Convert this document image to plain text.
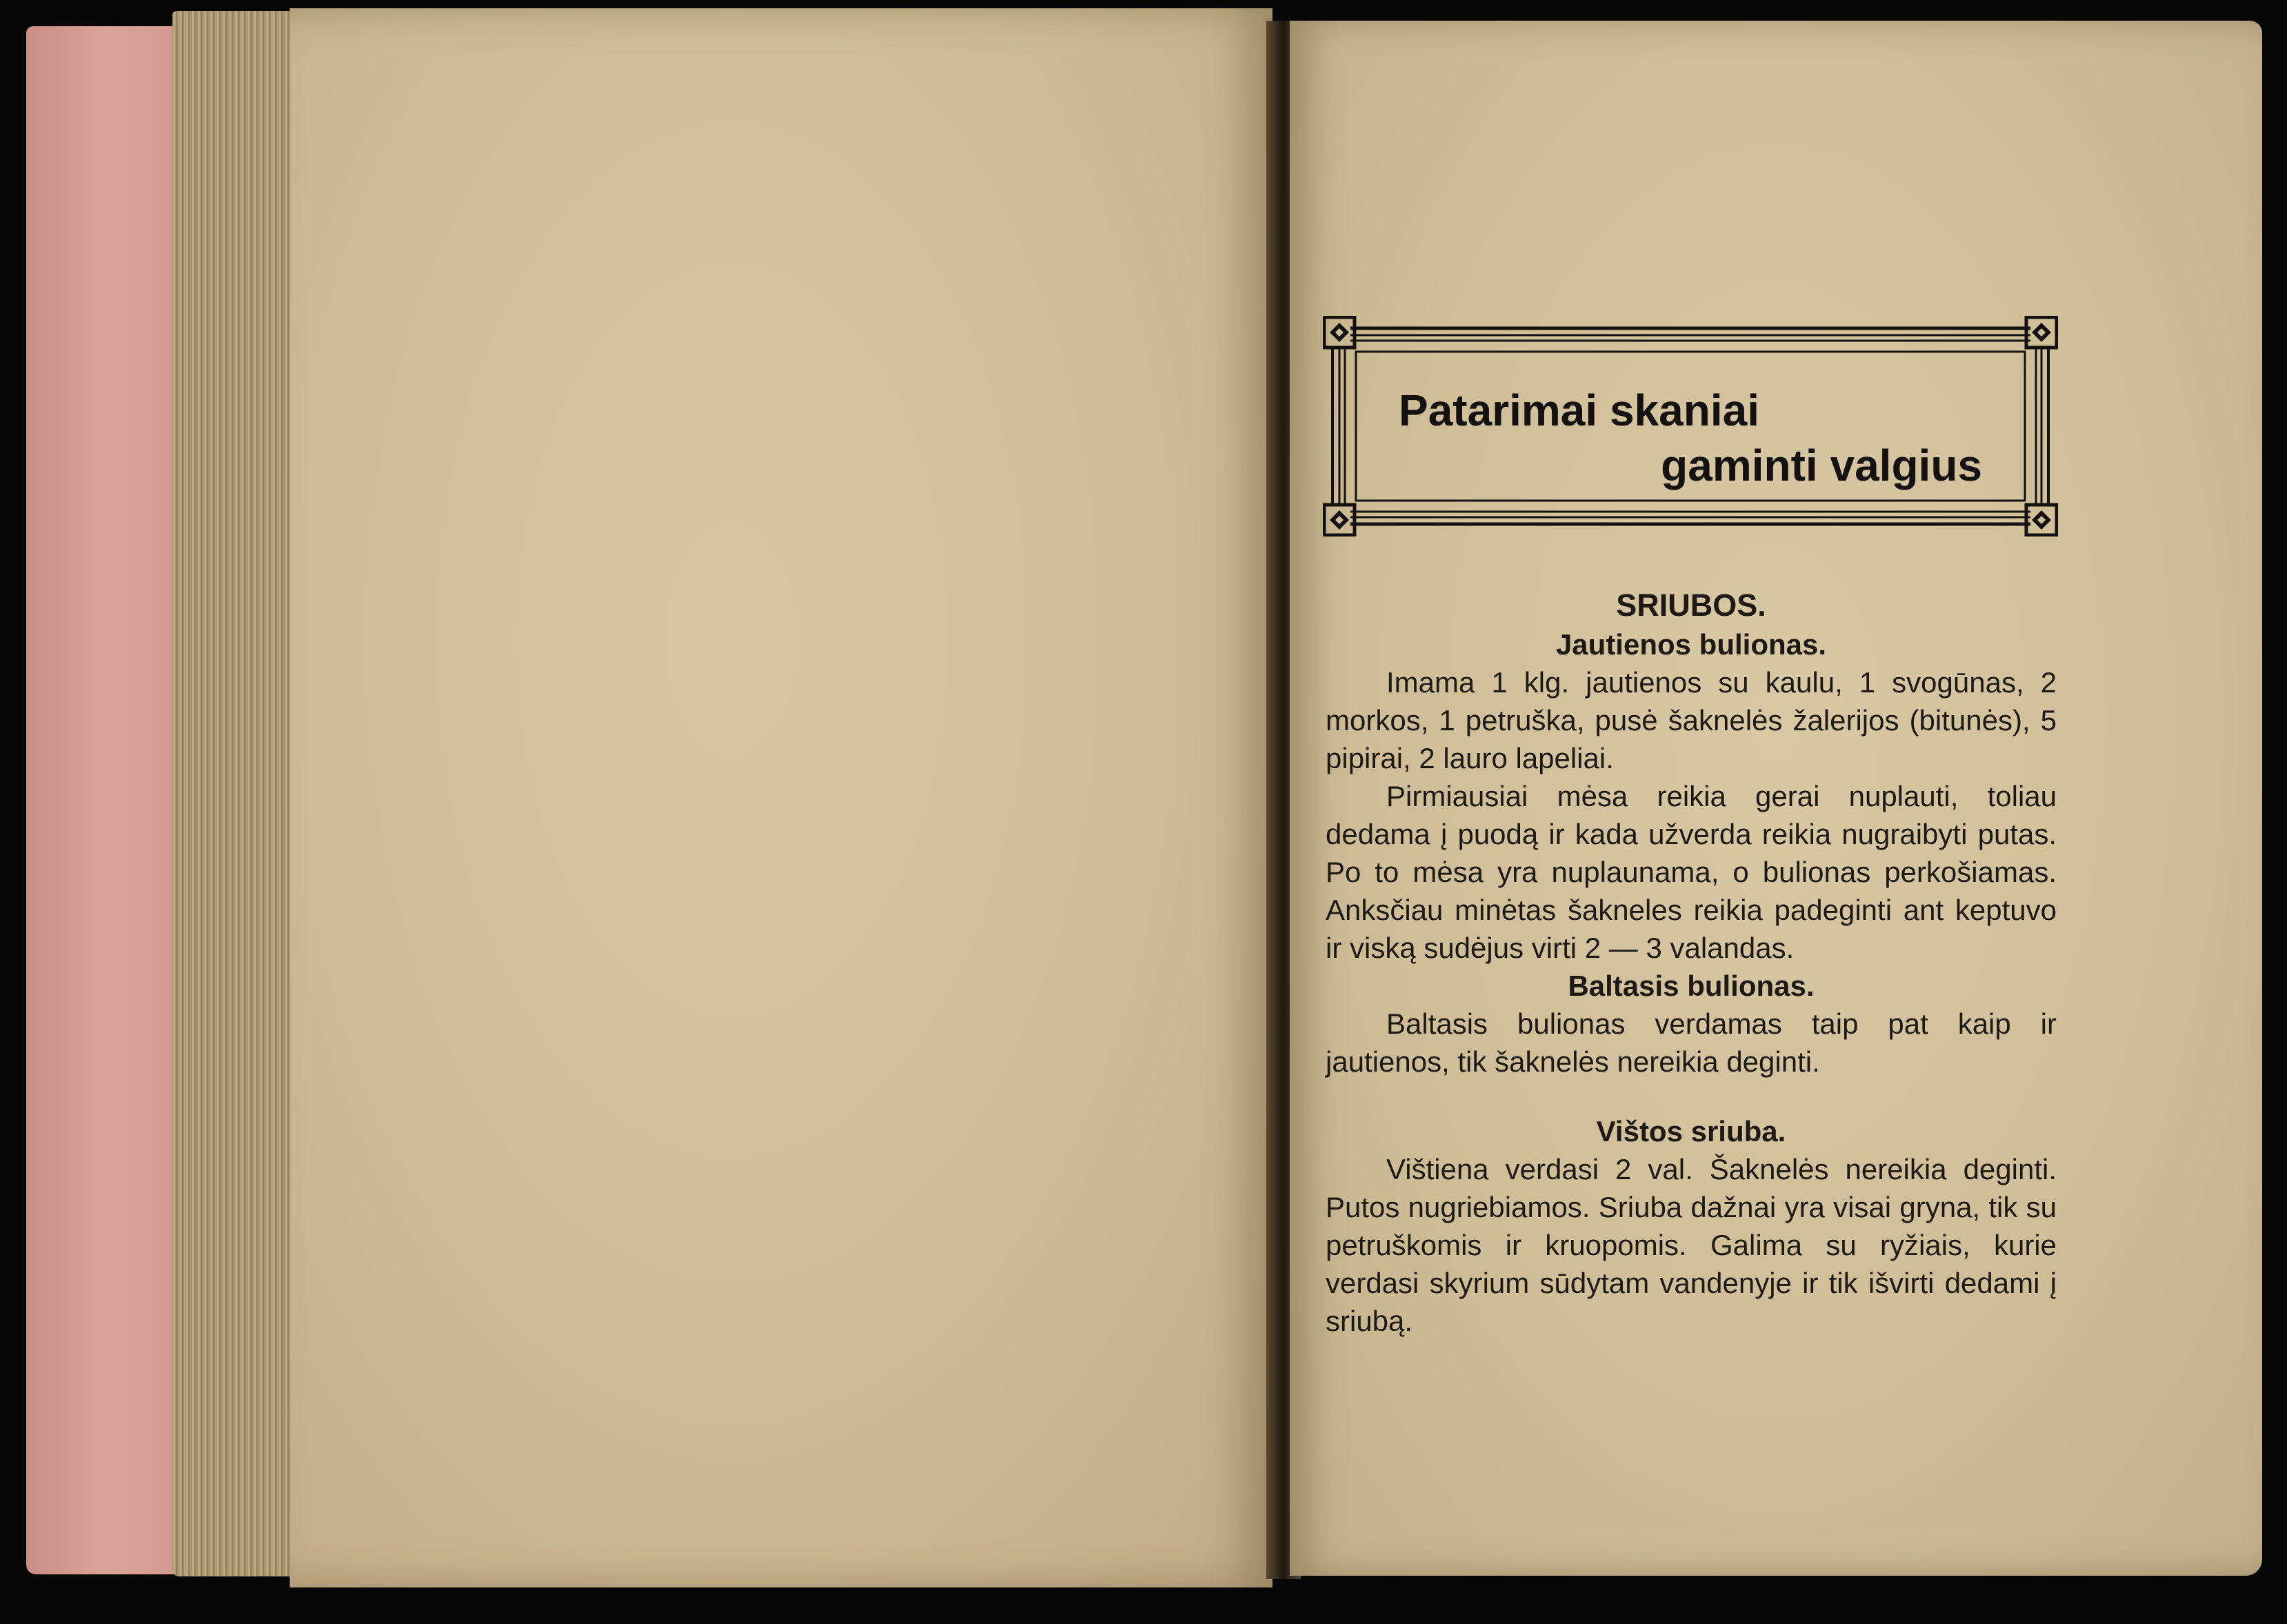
Patarimai skaniai
gaminti valgius
SRIUBOS.
Jautienos bulionas.

Imama 1 klg. jautienos su kaulu, 1 svogūnas, 2 morkos, 1 petruška, pusė šaknelės žalerijos (bitunės), 5 pipirai, 2 lauro lapeliai.

Pirmiausiai mėsa reikia gerai nuplauti, toliau dedama į puodą ir kada užverda reikia nugraibyti putas. Po to mėsa yra nuplaunama, o bulionas perkošiamas. Anksčiau minėtas šakneles reikia padeginti ant keptuvo ir viską sudėjus virti 2 — 3 valandas.

Baltasis bulionas.

Baltasis bulionas verdamas taip pat kaip ir jautienos, tik šaknelės nereikia deginti.

Vištos sriuba.

Vištiena verdasi 2 val. Šaknelės nereikia deginti. Putos nugriebiamos. Sriuba dažnai yra visai gryna, tik su petruškomis ir kruopomis. Galima su ryžiais, kurie verdasi skyrium sūdytam vandenyje ir tik išvirti dedami į sriubą.
